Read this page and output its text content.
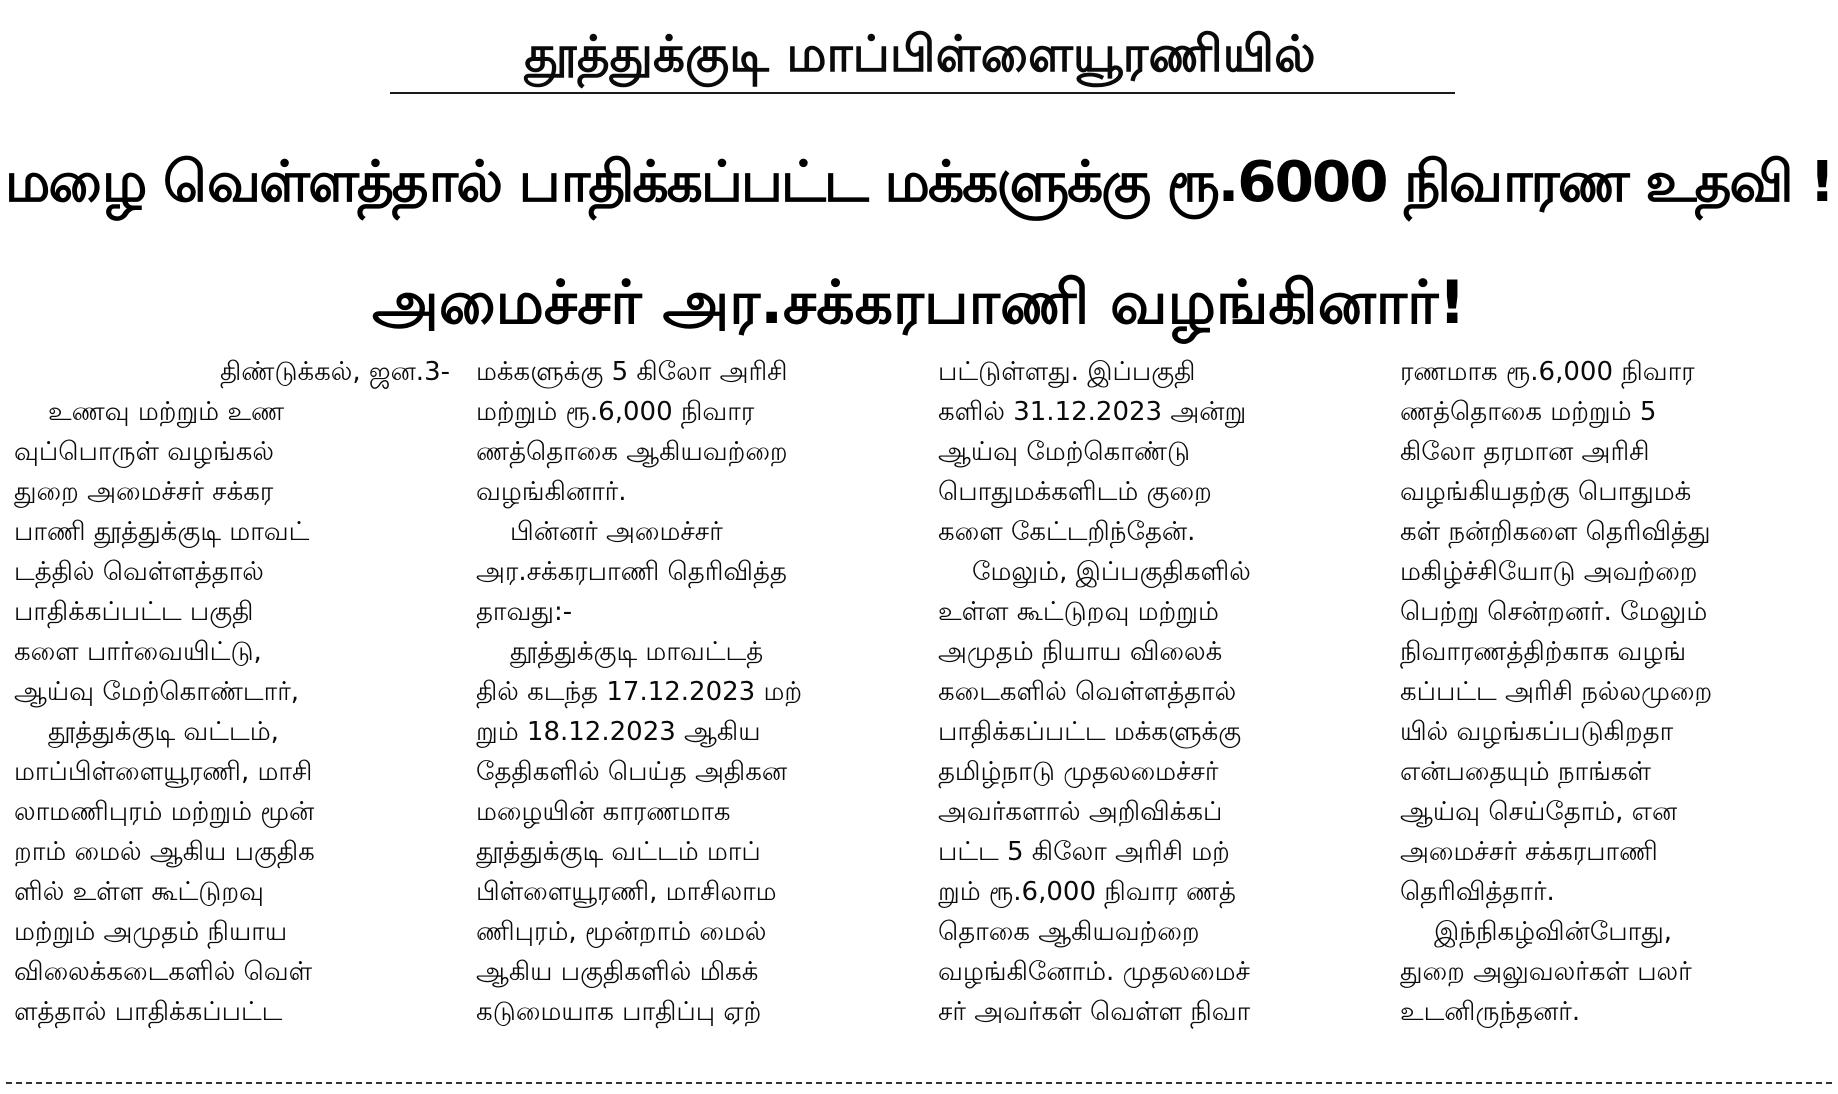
தூத்துக்குடி மாப்பிள்ளையூரணியில்
மழை வெள்ளத்தால் பாதிக்கப்பட்ட மக்களுக்கு ரூ.6000 நிவாரண உதவி !
அமைச்சர் அர.சக்கரபாணி வழங்கினார்!
திண்டுக்கல், ஜன.3-
உணவு மற்றும் உண
வுப்பொருள் வழங்கல்
துறை அமைச்சர் சக்கர
பாணி தூத்துக்குடி மாவட்
டத்தில் வெள்ளத்தால்
பாதிக்கப்பட்ட பகுதி
களை பார்வையிட்டு,
ஆய்வு மேற்கொண்டார்,
தூத்துக்குடி வட்டம்,
மாப்பிள்ளையூரணி, மாசி
லாமணிபுரம் மற்றும் மூன்
றாம் மைல் ஆகிய பகுதிக
ளில் உள்ள கூட்டுறவு
மற்றும் அமுதம் நியாய
விலைக்கடைகளில் வெள்
ளத்தால் பாதிக்கப்பட்ட
மக்களுக்கு 5 கிலோ அரிசி
மற்றும் ரூ.6,000 நிவார
ணத்தொகை ஆகியவற்றை
வழங்கினார்.
பின்னர் அமைச்சர்
அர.சக்கரபாணி தெரிவித்த
தாவது:-
தூத்துக்குடி மாவட்டத்
தில் கடந்த 17.12.2023 மற்
றும் 18.12.2023 ஆகிய
தேதிகளில் பெய்த அதிகன
மழையின் காரணமாக
தூத்துக்குடி வட்டம் மாப்
பிள்ளையூரணி, மாசிலாம
ணிபுரம், மூன்றாம் மைல்
ஆகிய பகுதிகளில் மிகக்
கடுமையாக பாதிப்பு ஏற்
பட்டுள்ளது. இப்பகுதி
களில் 31.12.2023 அன்று
ஆய்வு மேற்கொண்டு
பொதுமக்களிடம் குறை
களை கேட்டறிந்தேன்.
மேலும், இப்பகுதிகளில்
உள்ள கூட்டுறவு மற்றும்
அமுதம் நியாய விலைக்
கடைகளில் வெள்ளத்தால்
பாதிக்கப்பட்ட மக்களுக்கு
தமிழ்நாடு முதலமைச்சர்
அவர்களால் அறிவிக்கப்
பட்ட 5 கிலோ அரிசி மற்
றும் ரூ.6,000 நிவார ணத்
தொகை ஆகியவற்றை
வழங்கினோம். முதலமைச்
சர் அவர்கள் வெள்ள நிவா
ரணமாக ரூ.6,000 நிவார
ணத்தொகை மற்றும் 5
கிலோ தரமான அரிசி
வழங்கியதற்கு பொதுமக்
கள் நன்றிகளை தெரிவித்து
மகிழ்ச்சியோடு அவற்றை
பெற்று சென்றனர். மேலும்
நிவாரணத்திற்காக வழங்
கப்பட்ட அரிசி நல்லமுறை
யில் வழங்கப்படுகிறதா
என்பதையும் நாங்கள்
ஆய்வு செய்தோம், என
அமைச்சர் சக்கரபாணி
தெரிவித்தார்.
இந்நிகழ்வின்போது,
துறை அலுவலர்கள் பலர்
உடனிருந்தனர்.
